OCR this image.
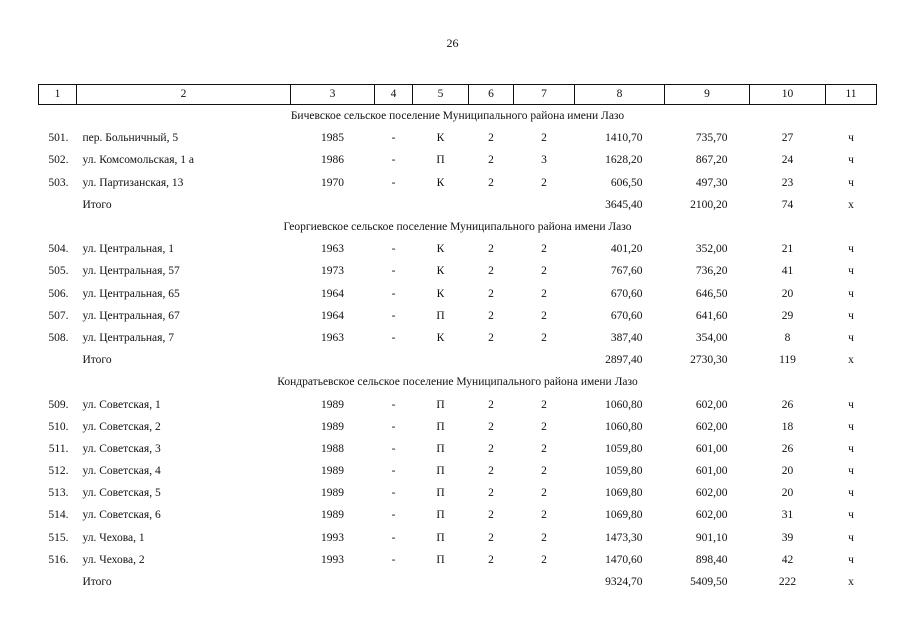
26
1	2	3	4	5	6	7	8	9	10	11
Бичевское сельское поселение Муниципального района имени Лазо										
501.	пер. Больничный, 5	1985	-	К	2	2	1410,70	735,70	27	ч
502.	ул. Комсомольская, 1 а	1986	-	П	2	3	1628,20	867,20	24	ч
503.	ул. Партизанская, 13	1970	-	К	2	2	606,50	497,30	23	ч
	Итого						3645,40	2100,20	74	х
Георгиевское сельское поселение Муниципального района имени Лазо										
504.	ул. Центральная, 1	1963	-	К	2	2	401,20	352,00	21	ч
505.	ул. Центральная, 57	1973	-	К	2	2	767,60	736,20	41	ч
506.	ул. Центральная, 65	1964	-	К	2	2	670,60	646,50	20	ч
507.	ул. Центральная, 67	1964	-	П	2	2	670,60	641,60	29	ч
508.	ул. Центральная, 7	1963	-	К	2	2	387,40	354,00	8	ч
	Итого						2897,40	2730,30	119	х
Кондратьевское сельское поселение Муниципального района имени Лазо										
509.	ул. Советская, 1	1989	-	П	2	2	1060,80	602,00	26	ч
510.	ул. Советская, 2	1989	-	П	2	2	1060,80	602,00	18	ч
511.	ул. Советская, 3	1988	-	П	2	2	1059,80	601,00	26	ч
512.	ул. Советская, 4	1989	-	П	2	2	1059,80	601,00	20	ч
513.	ул. Советская, 5	1989	-	П	2	2	1069,80	602,00	20	ч
514.	ул. Советская, 6	1989	-	П	2	2	1069,80	602,00	31	ч
515.	ул. Чехова, 1	1993	-	П	2	2	1473,30	901,10	39	ч
516.	ул. Чехова, 2	1993	-	П	2	2	1470,60	898,40	42	ч
	Итого						9324,70	5409,50	222	х
